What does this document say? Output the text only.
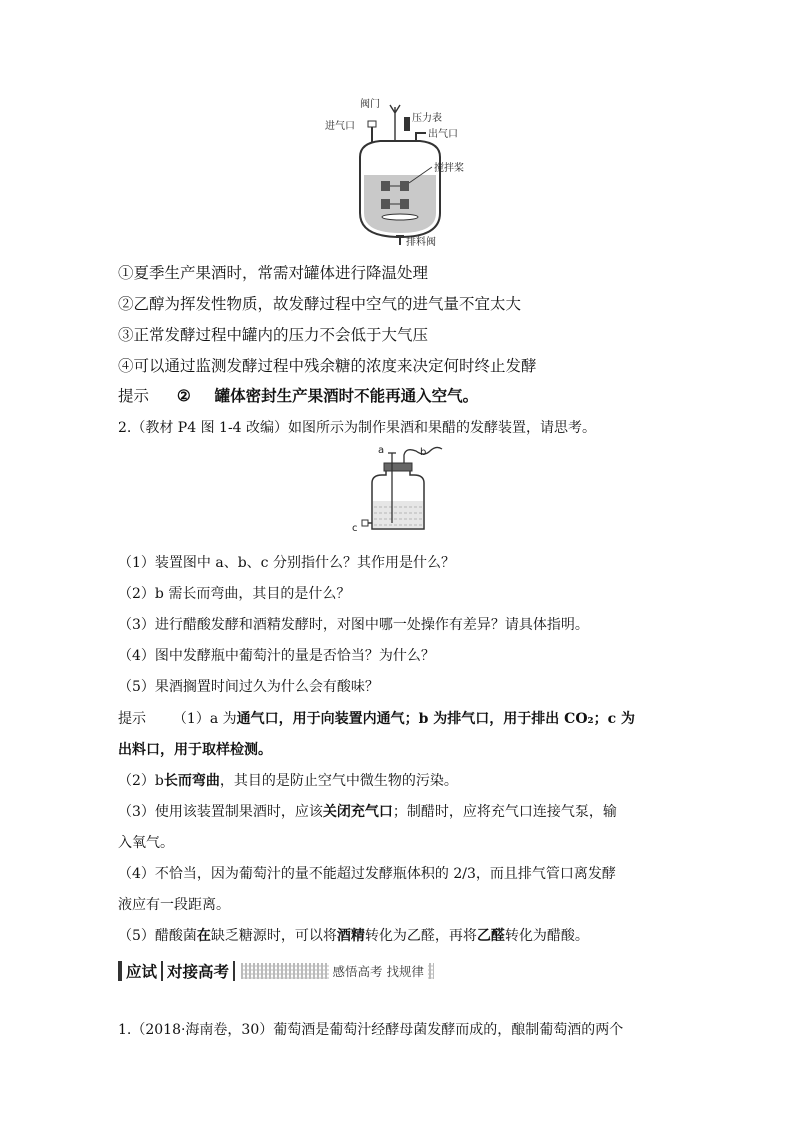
阀门
压力表
进气口
出气口
搅拌桨
排料阀
①夏季生产果酒时，常需对罐体进行降温处理
②乙醇为挥发性物质，故发酵过程中空气的进气量不宜太大
③正常发酵过程中罐内的压力不会低于大气压
④可以通过监测发酵过程中残余糖的浓度来决定何时终止发酵
提示 ② 罐体密封生产果酒时不能再通入空气。
2.（教材 P4 图 1-4 改编）如图所示为制作果酒和果醋的发酵装置，请思考。
a	b
c
（1）装置图中 a、b、c 分别指什么？其作用是什么？
（2）b 需长而弯曲，其目的是什么？
（3）进行醋酸发酵和酒精发酵时，对图中哪一处操作有差异？请具体指明。
（4）图中发酵瓶中葡萄汁的量是否恰当？为什么？
（5）果酒搁置时间过久为什么会有酸味？
提示 （1）a 为通气口，用于向装置内通气；b 为排气口，用于排出 CO₂；c 为
出料口，用于取样检测。
（2）b长而弯曲，其目的是防止空气中微生物的污染。
（3）使用该装置制果酒时，应该关闭充气口；制醋时，应将充气口连接气泵，输
入氧气。
（4）不恰当，因为葡萄汁的量不能超过发酵瓶体积的 2/3，而且排气管口离发酵
液应有一段距离。
（5）醋酸菌在缺乏糖源时，可以将酒精转化为乙醛，再将乙醛转化为醋酸。
应试 对接高考	感悟高考 找规律
1.（2018·海南卷，30）葡萄酒是葡萄汁经酵母菌发酵而成的，酿制葡萄酒的两个
